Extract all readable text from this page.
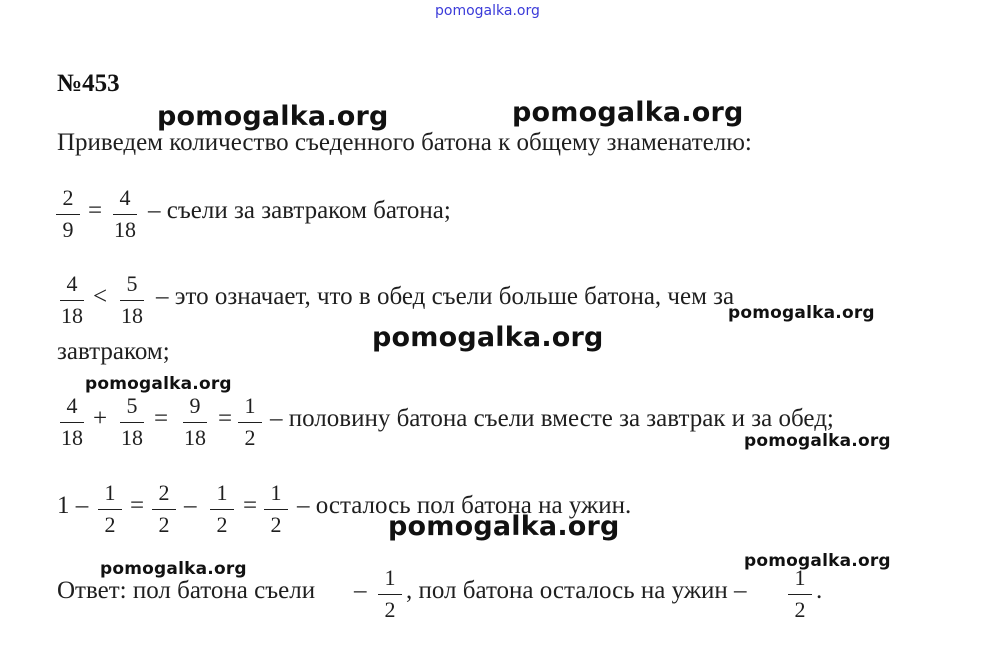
pomogalka.org
№453
Приведем количество съеденного батона к общему знаменателю:
2
9
= 4
18
– съели за завтраком батона;
4
18
< 5
18
– это означает, что в обед съели больше батона, чем за
завтраком;
4
18
+ 5
18
= 9
18
= 1
2
– половину батона съели вместе за завтрак и за обед;
1 – 1
2
= 2
2
– 1
2
= 1
2
– осталось пол батона на ужин.
Ответ: пол батона съели – 1
2
, пол батона осталось на ужин –	1
2
.
pomogalka.org	pomogalka.org
pomogalka.org
pomogalka.org
pomogalka.org
pomogalka.org
pomogalka.org
pomogalka.org	pomogalka.org
